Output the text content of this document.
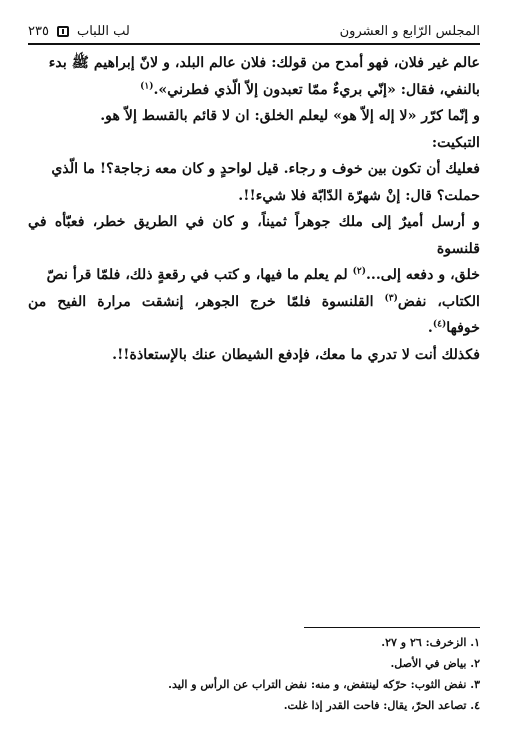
المجلس الرّابع و العشرون
لب اللباب
٢٣٥

عالم غير فلان، فهو أمدح من قولك: فلان عالم البلد، و لانّ إبراهيم ﷺ بدء

بالنفي، فقال: «إنّي بريءٌ ممّا تعبدون إلاّ الّذي فطرني».$^{(١)}$

و إنّما كرّر «لا إله إلاّ هو» ليعلم الخلق: ان لا قائم بالقسط إلاّ هو.

التبكيت:

فعليك أن تكون بين خوف و رجاء. قيل لواحدٍ و كان معه زجاجة؟! ما الّذي

حملت؟ قال: إنْ شهرّة الدّابّة فلا شيء!!.

و أرسل أميرٌ إلى ملك جوهراً ثميناً، و كان في الطريق خطر، فعبّأه في قلنسوة

خلق، و دفعه إلى...$^{(٢)}$ لم يعلم ما فيها، و كتب في رقعةٍ ذلك، فلمّا قرأ نصّ

الكتاب، نفض$^{(٣)}$ القلنسوة فلمّا خرج الجوهر، إنشقت مرارة الفيح من خوفها$^{(٤)}$.

فكذلك أنت لا تدري ما معك، فإدفع الشيطان عنك بالإستعاذة!!.

١. الزخرف: ٢٦ و ٢٧.
٢. بياض في الأصل.
٣. نفض الثوب: حرّكه لينتفض، و منه: نفض التراب عن الرأس و اليد.
٤. تصاعد الحرّ، يقال: فاحت القدر إذا غلت.
